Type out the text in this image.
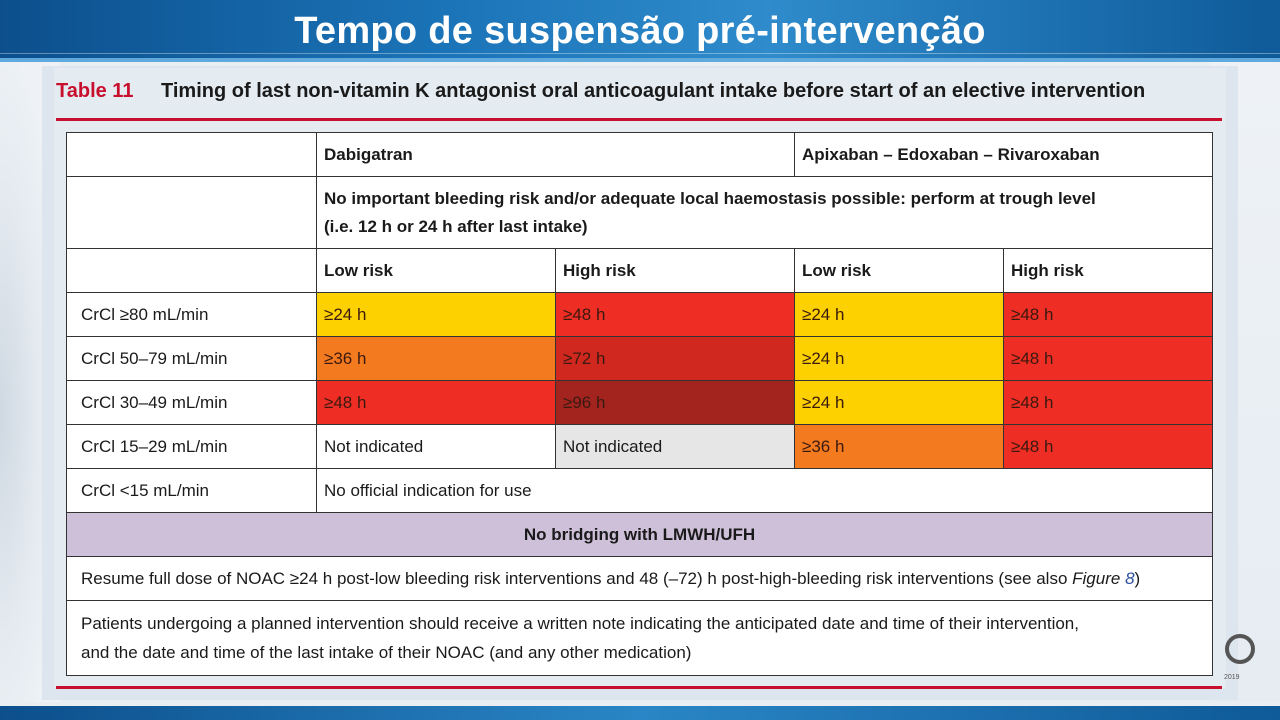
Tempo de suspensão pré-intervenção
Table 11 Timing of last non-vitamin K antagonist oral anticoagulant intake before start of an elective intervention
	Dabigatran		Apixaban – Edoxaban – Rivaroxaban	
	No important bleeding risk and/or adequate local haemostasis possible: perform at trough level
(i.e. 12 h or 24 h after last intake)			
	Low risk	High risk	Low risk	High risk
CrCl ≥80 mL/min	≥24 h	≥48 h	≥24 h	≥48 h
CrCl 50–79 mL/min	≥36 h	≥72 h	≥24 h	≥48 h
CrCl 30–49 mL/min	≥48 h	≥96 h	≥24 h	≥48 h
CrCl 15–29 mL/min	Not indicated	Not indicated	≥36 h	≥48 h
CrCl <15 mL/min	No official indication for use			
No bridging with LMWH/UFH				
Resume full dose of NOAC ≥24 h post-low bleeding risk interventions and 48 (–72) h post-high-bleeding risk interventions (see also Figure 8)				
Patients undergoing a planned intervention should receive a written note indicating the anticipated date and time of their intervention,
and the date and time of the last intake of their NOAC (and any other medication)				
2019
